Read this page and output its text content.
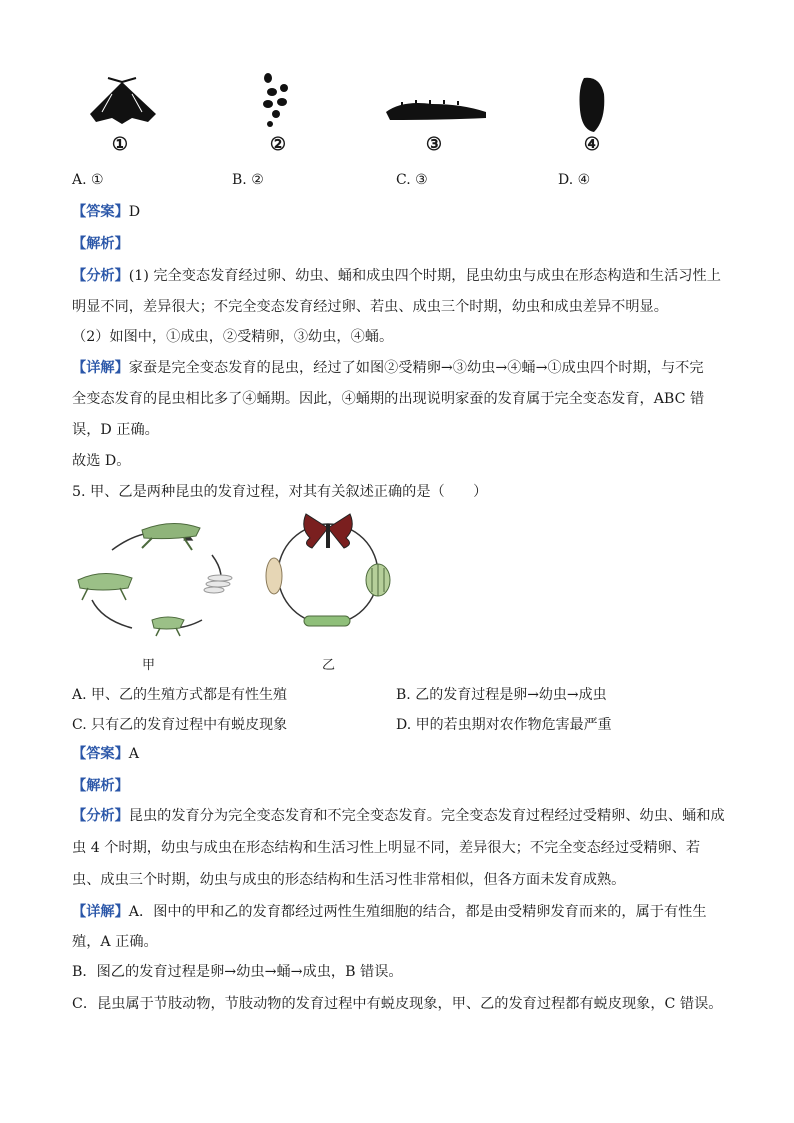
①	②	③	④
A. ①	B. ②	C. ③	D. ④
【答案】D
【解析】
【分析】(1) 完全变态发育经过卵、幼虫、蛹和成虫四个时期，昆虫幼虫与成虫在形态构造和生活习性上
明显不同，差异很大；不完全变态发育经过卵、若虫、成虫三个时期，幼虫和成虫差异不明显。
（2）如图中，①成虫，②受精卵，③幼虫，④蛹。
【详解】家蚕是完全变态发育的昆虫，经过了如图②受精卵→③幼虫→④蛹→①成虫四个时期，与不完
全变态发育的昆虫相比多了④蛹期。因此，④蛹期的出现说明家蚕的发育属于完全变态发育，ABC 错
误，D 正确。
故选 D。
5. 甲、乙是两种昆虫的发育过程，对其有关叙述正确的是（　　）
甲	乙
A. 甲、乙的生殖方式都是有性生殖	B. 乙的发育过程是卵→幼虫→成虫
C. 只有乙的发育过程中有蜕皮现象	D. 甲的若虫期对农作物危害最严重
【答案】A
【解析】
【分析】昆虫的发育分为完全变态发育和不完全变态发育。完全变态发育过程经过受精卵、幼虫、蛹和成
虫 4 个时期，幼虫与成虫在形态结构和生活习性上明显不同，差异很大；不完全变态经过受精卵、若
虫、成虫三个时期，幼虫与成虫的形态结构和生活习性非常相似，但各方面未发育成熟。
【详解】A．图中的甲和乙的发育都经过两性生殖细胞的结合，都是由受精卵发育而来的，属于有性生
殖，A 正确。
B．图乙的发育过程是卵→幼虫→蛹→成虫，B 错误。
C．昆虫属于节肢动物，节肢动物的发育过程中有蜕皮现象，甲、乙的发育过程都有蜕皮现象，C 错误。
